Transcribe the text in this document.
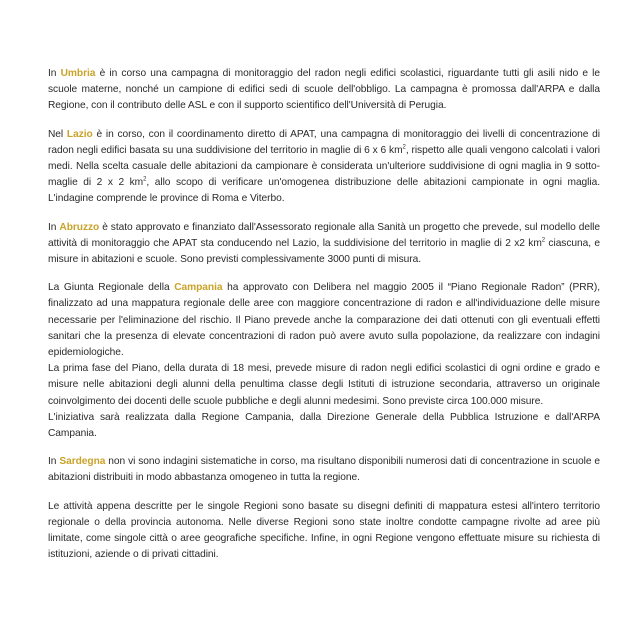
In Umbria è in corso una campagna di monitoraggio del radon negli edifici scolastici, riguardante tutti gli asili nido e le scuole materne, nonché un campione di edifici sedi di scuole dell'obbligo. La campagna è promossa dall'ARPA e dalla Regione, con il contributo delle ASL e con il supporto scientifico dell'Università di Perugia.

Nel Lazio è in corso, con il coordinamento diretto di APAT, una campagna di monitoraggio dei livelli di concentrazione di radon negli edifici basata su una suddivisione del territorio in maglie di 6 x 6 $km^2$, rispetto alle quali vengono calcolati i valori medi. Nella scelta casuale delle abitazioni da campionare è considerata un'ulteriore suddivisione di ogni maglia in 9 sotto-maglie di 2 x 2 $km^2$, allo scopo di verificare un'omogenea distribuzione delle abitazioni campionate in ogni maglia. L'indagine comprende le province di Roma e Viterbo.

In Abruzzo è stato approvato e finanziato dall'Assessorato regionale alla Sanità un progetto che prevede, sul modello delle attività di monitoraggio che APAT sta conducendo nel Lazio, la suddivisione del territorio in maglie di 2 x2 $km^2$ ciascuna, e misure in abitazioni e scuole. Sono previsti complessivamente 3000 punti di misura.

La Giunta Regionale della Campania ha approvato con Delibera nel maggio 2005 il “Piano Regionale Radon” (PRR), finalizzato ad una mappatura regionale delle aree con maggiore concentrazione di radon e all'individuazione delle misure necessarie per l'eliminazione del rischio. Il Piano prevede anche la comparazione dei dati ottenuti con gli eventuali effetti sanitari che la presenza di elevate concentrazioni di radon può avere avuto sulla popolazione, da realizzare con indagini epidemiologiche.

La prima fase del Piano, della durata di 18 mesi, prevede misure di radon negli edifici scolastici di ogni ordine e grado e misure nelle abitazioni degli alunni della penultima classe degli Istituti di istruzione secondaria, attraverso un originale coinvolgimento dei docenti delle scuole pubbliche e degli alunni medesimi. Sono previste circa 100.000 misure.

L'iniziativa sarà realizzata dalla Regione Campania, dalla Direzione Generale della Pubblica Istruzione e dall'ARPA Campania.

In Sardegna non vi sono indagini sistematiche in corso, ma risultano disponibili numerosi dati di concentrazione in scuole e abitazioni distribuiti in modo abbastanza omogeneo in tutta la regione.

Le attività appena descritte per le singole Regioni sono basate su disegni definiti di mappatura estesi all'intero territorio regionale o della provincia autonoma. Nelle diverse Regioni sono state inoltre condotte campagne rivolte ad aree più limitate, come singole città o aree geografiche specifiche. Infine, in ogni Regione vengono effettuate misure su richiesta di istituzioni, aziende o di privati cittadini.
